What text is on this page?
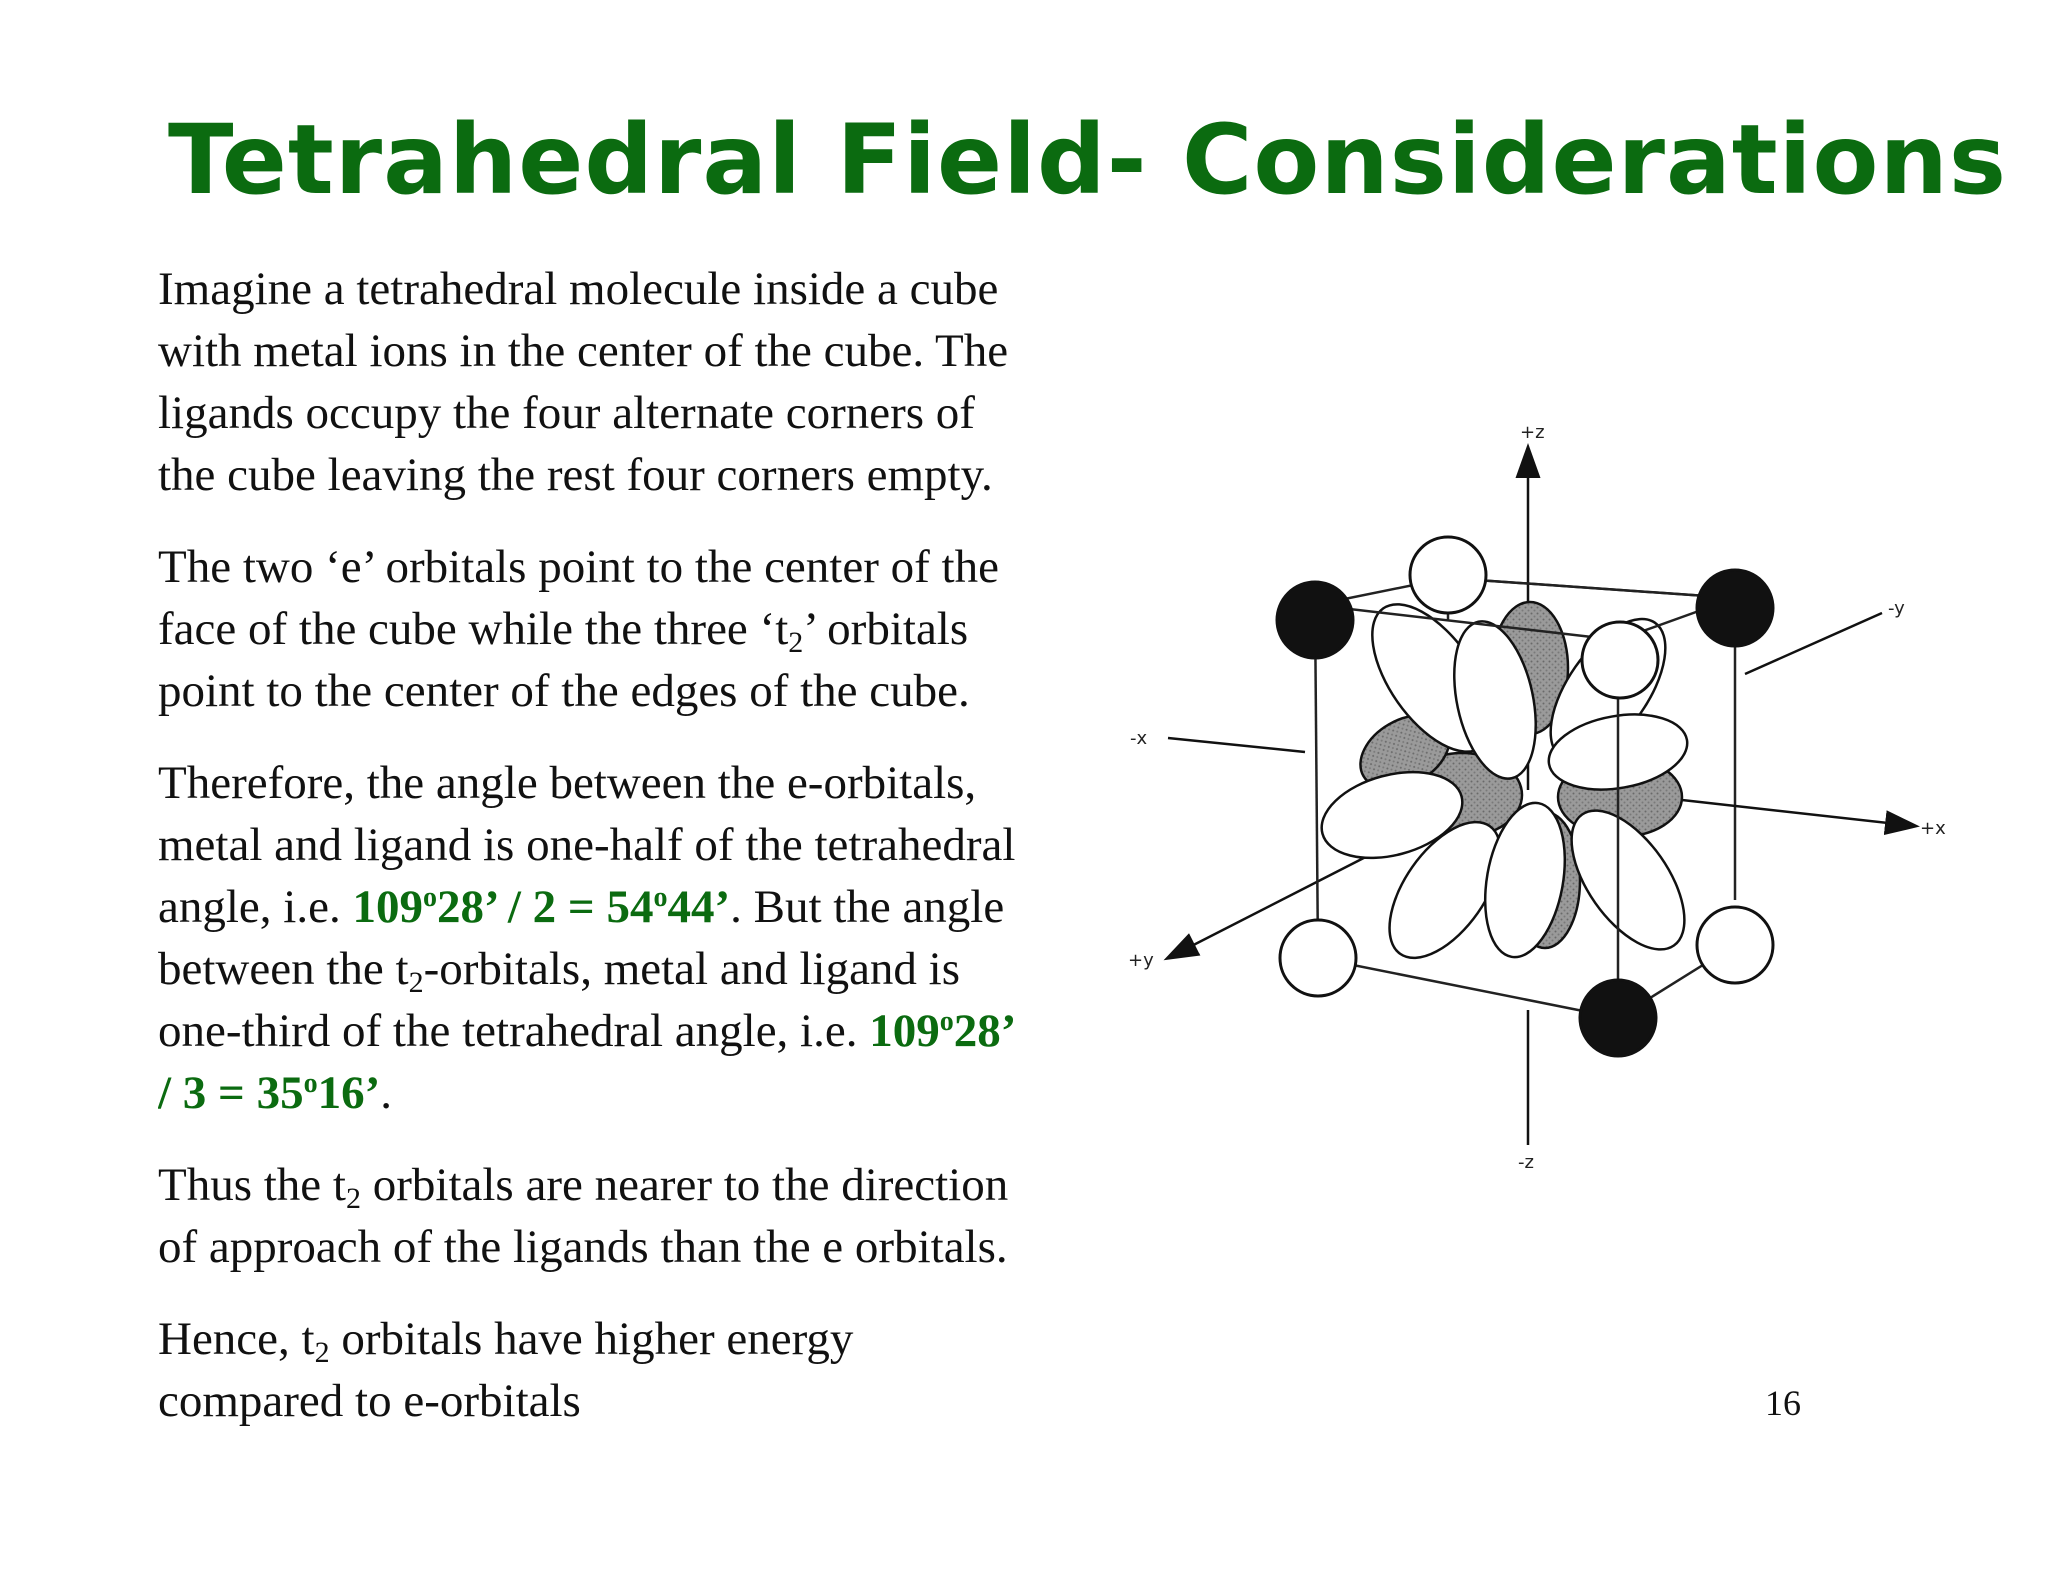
Tetrahedral Field- Considerations

Imagine a tetrahedral molecule inside a cube
with metal ions in the center of the cube. The
ligands occupy the four alternate corners of
the cube leaving the rest four corners empty.

The two ‘e’ orbitals point to the center of the
face of the cube while the three ‘$t_2$’ orbitals
point to the center of the edges of the cube.

Therefore, the angle between the e-orbitals,
metal and ligand is one-half of the tetrahedral
angle, i.e. 109$^o$28’ / $2 = 54^o44$’. But the angle
between the $t_2$-orbitals, metal and ligand is
one-third of the tetrahedral angle, i.e. 109$^o$28’
/ $3 = 35^o16$’.

Thus the $t_2$ orbitals are nearer to the direction
of approach of the ligands than the e orbitals.

Hence, $t_2$ orbitals have higher energy
compared to e-orbitals

+z
-z
+x
-x
+y
-y
16
